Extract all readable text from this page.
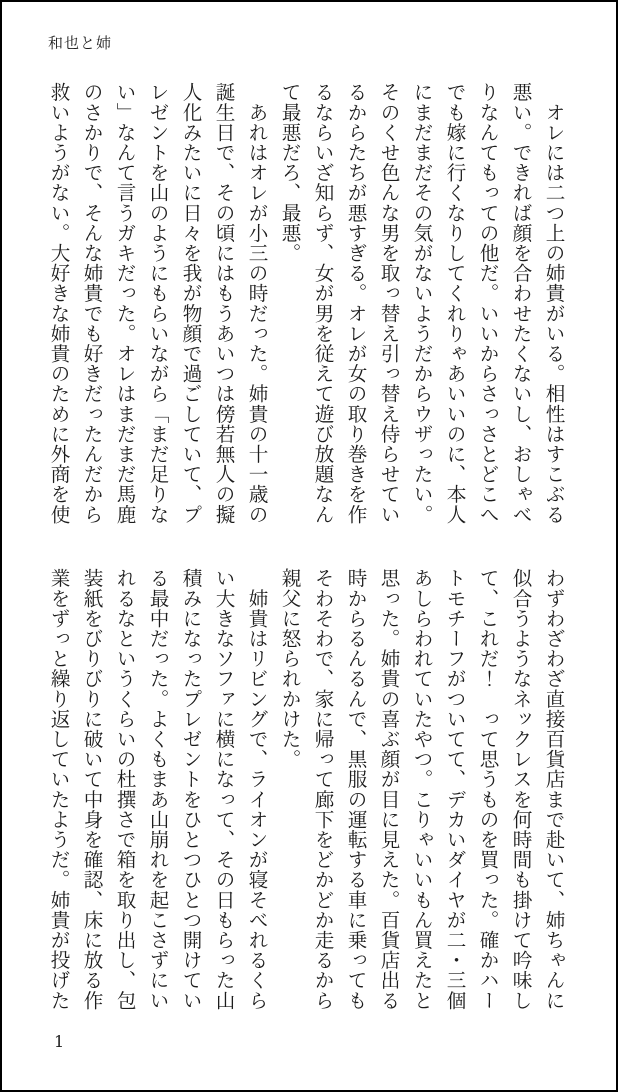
和也と姉
　オレには二つ上の姉貴がいる。相性はすこぶる
悪い。できれば顔を合わせたくないし、おしゃべ
りなんてもっての他だ。いいからさっさとどこへ
でも嫁に行くなりしてくれりゃあいいのに、本人
にまだまだその気がないようだからウザったい。
そのくせ色んな男を取っ替え引っ替え侍らせてい
るからたちが悪すぎる。オレが女の取り巻きを作
るならいざ知らず、女が男を従えて遊び放題なん
て最悪だろ、最悪。
　あれはオレが小三の時だった。姉貴の十一歳の
誕生日で、その頃にはもうあいつは傍若無人の擬
人化みたいに日々を我が物顔で過ごしていて、プ
レゼントを山のようにもらいながら「まだ足りな
い」なんて言うガキだった。オレはまだまだ馬鹿
のさかりで、そんな姉貴でも好きだったんだから
救いようがない。大好きな姉貴のために外商を使
わずわざわざ直接百貨店まで赴いて、姉ちゃんに
似合うようなネックレスを何時間も掛けて吟味し
て、これだ！　って思うものを買った。確かハー
トモチーフがついてて、デカいダイヤが二・三個
あしらわれていたやつ。こりゃいいもん買えたと
思った。姉貴の喜ぶ顔が目に見えた。百貨店出る
時からるんるんで、黒服の運転する車に乗っても
そわそわで、家に帰って廊下をどかどか走るから
親父に怒られかけた。
　姉貴はリビングで、ライオンが寝そべれるくら
い大きなソファに横になって、その日もらった山
積みになったプレゼントをひとつひとつ開けてい
る最中だった。よくもまあ山崩れを起こさずにい
れるなというくらいの杜撰さで箱を取り出し、包
装紙をびりびりに破いて中身を確認、床に放る作
業をずっと繰り返していたようだ。姉貴が投げた
1
